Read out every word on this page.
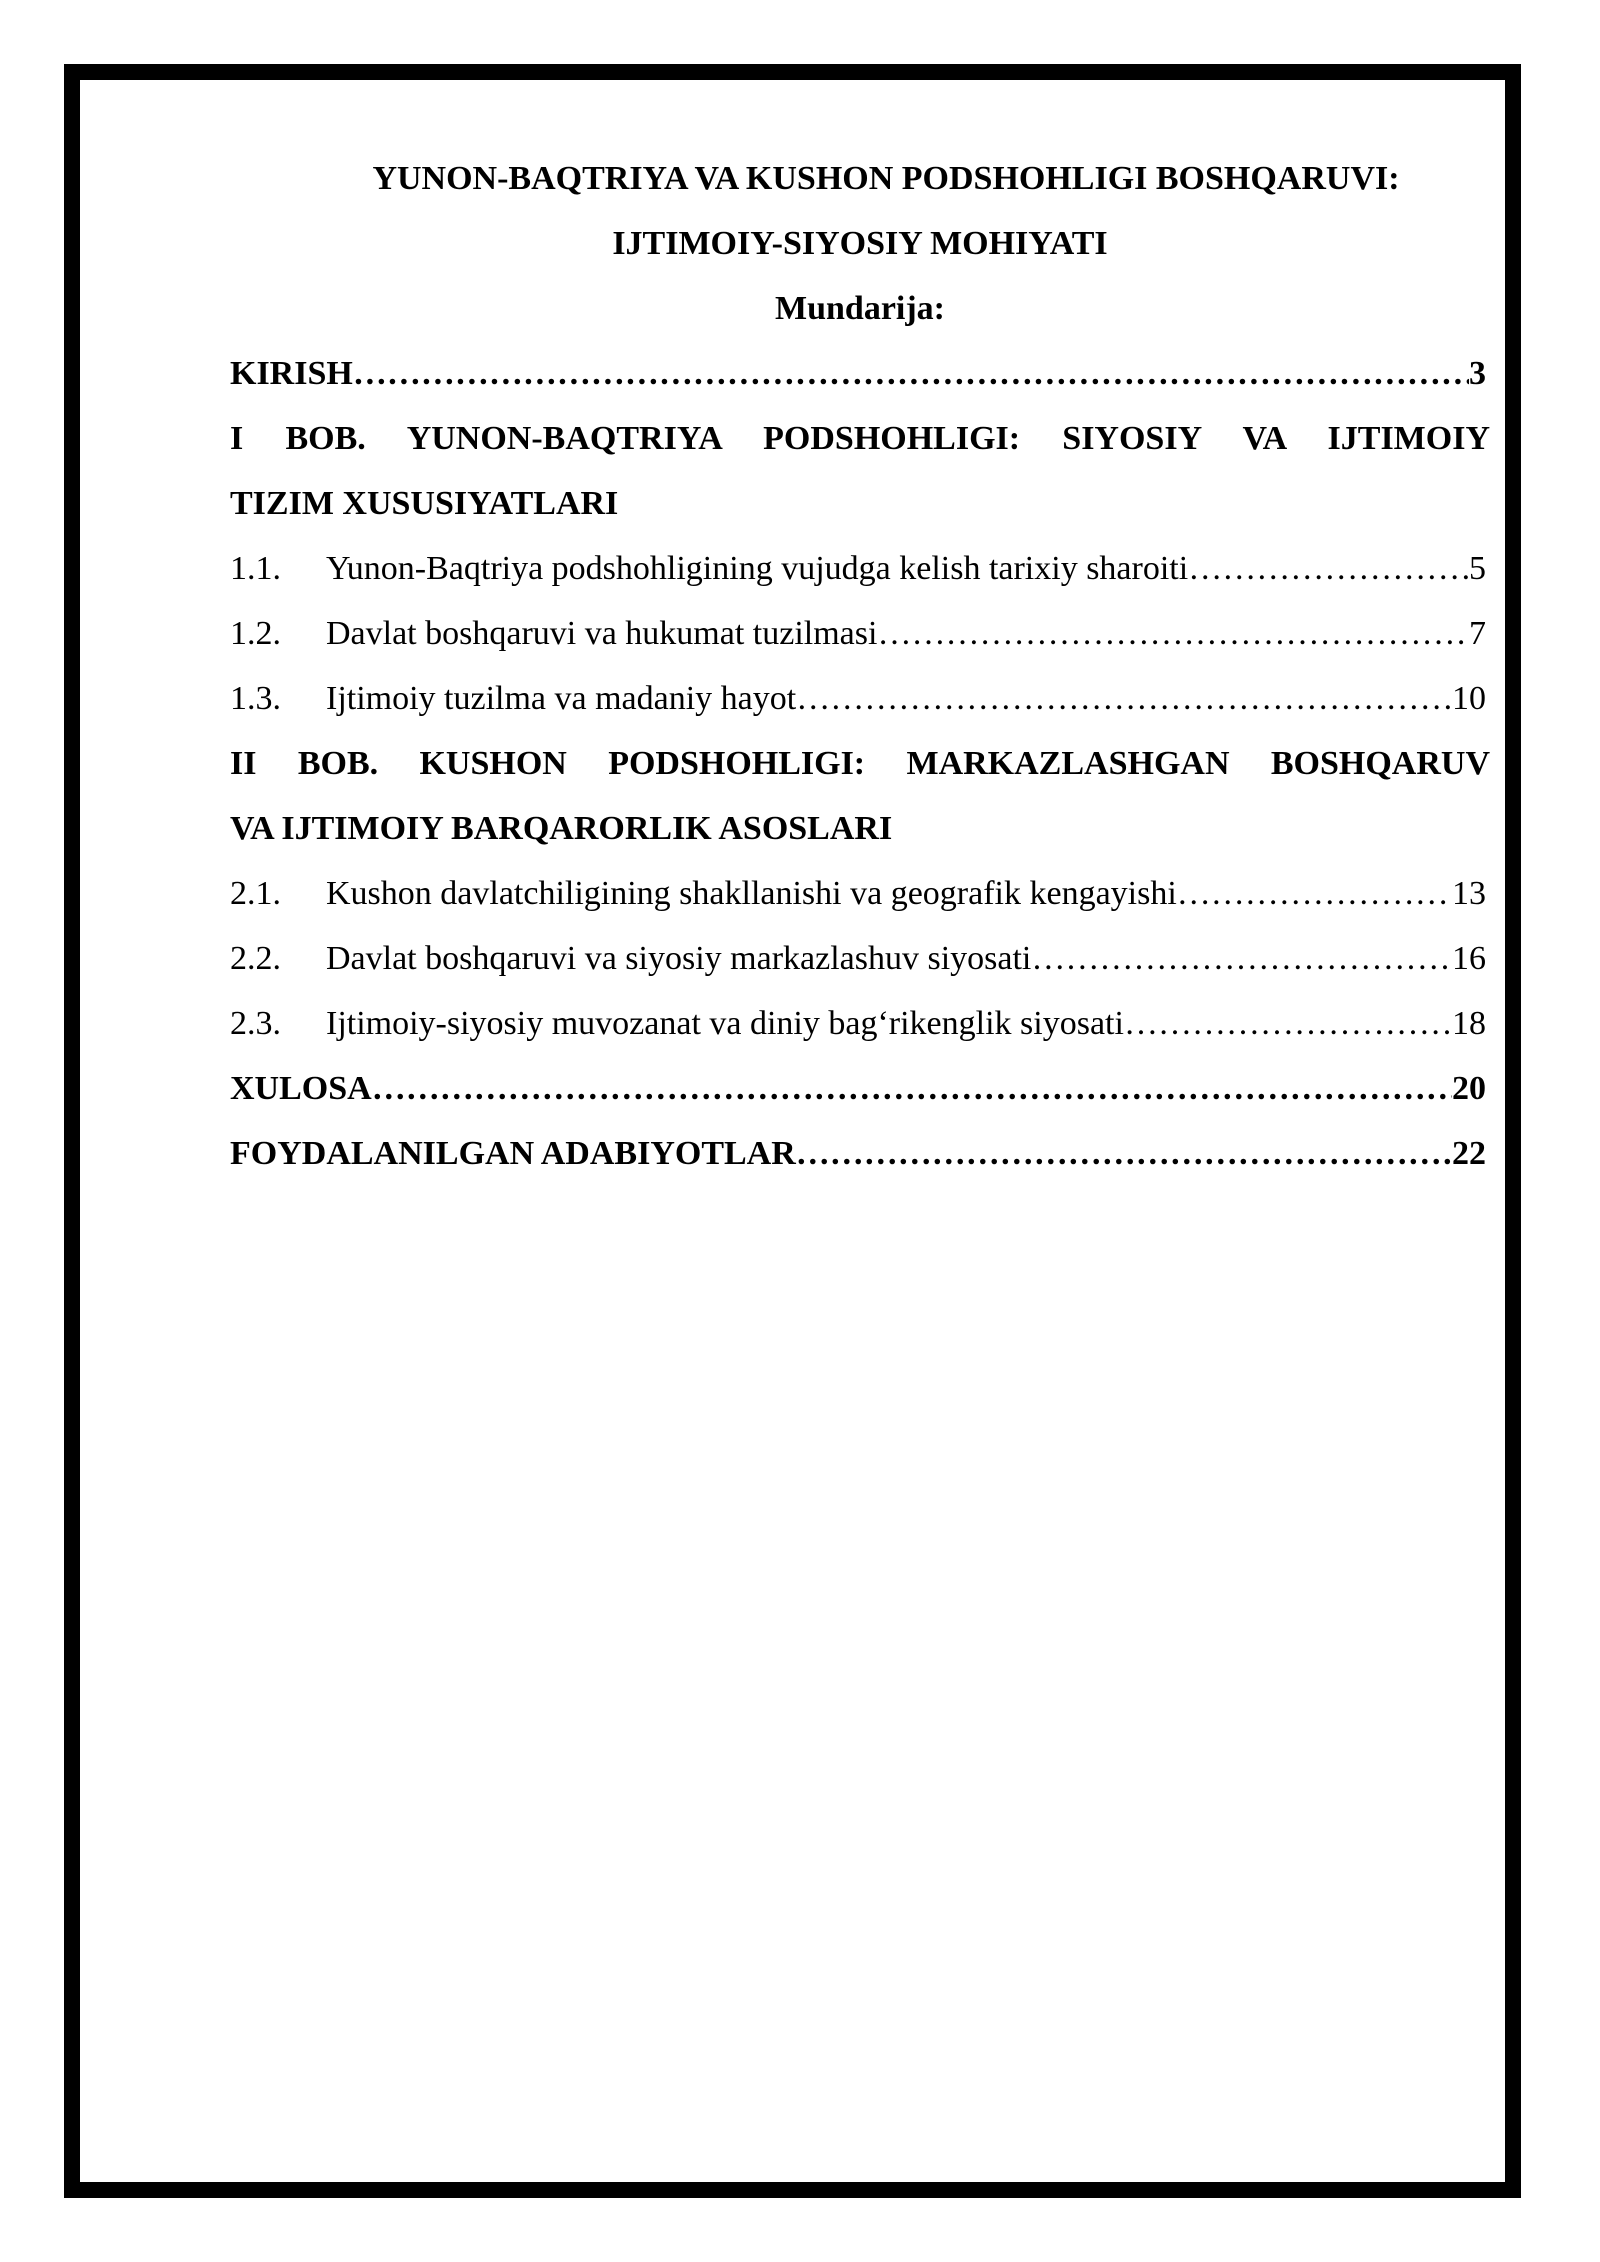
YUNON-BAQTRIYA VA KUSHON PODSHOHLIGI BOSHQARUVI:
IJTIMOIY-SIYOSIY MOHIYATI
Mundarija:
KIRISH ……………………………………………………………………………………………………………………………………………………………………………	3
I BOB. YUNON-BAQTRIYA PODSHOHLIGI: SIYOSIY VA IJTIMOIY
TIZIM XUSUSIYATLARI
1.1.	Yunon-Baqtriya podshohligining vujudga kelish tarixiy sharoiti ……………………………………………………………………………………………………………………………………………………………………………	5
1.2.	Davlat boshqaruvi va hukumat tuzilmasi ……………………………………………………………………………………………………………………………………………………………………………	7
1.3.	Ijtimoiy tuzilma va madaniy hayot ……………………………………………………………………………………………………………………………………………………………………………	10
II BOB. KUSHON PODSHOHLIGI: MARKAZLASHGAN BOSHQARUV
VA IJTIMOIY BARQARORLIK ASOSLARI
2.1.	Kushon davlatchiligining shakllanishi va geografik kengayishi ……………………………………………………………………………………………………………………………………………………………………………	13
2.2.	Davlat boshqaruvi va siyosiy markazlashuv siyosati ……………………………………………………………………………………………………………………………………………………………………………	16
2.3.	Ijtimoiy-siyosiy muvozanat va diniy bag‘rikenglik siyosati ……………………………………………………………………………………………………………………………………………………………………………	18
XULOSA ……………………………………………………………………………………………………………………………………………………………………………	20
FOYDALANILGAN ADABIYOTLAR ……………………………………………………………………………………………………………………………………………………………………………	22
